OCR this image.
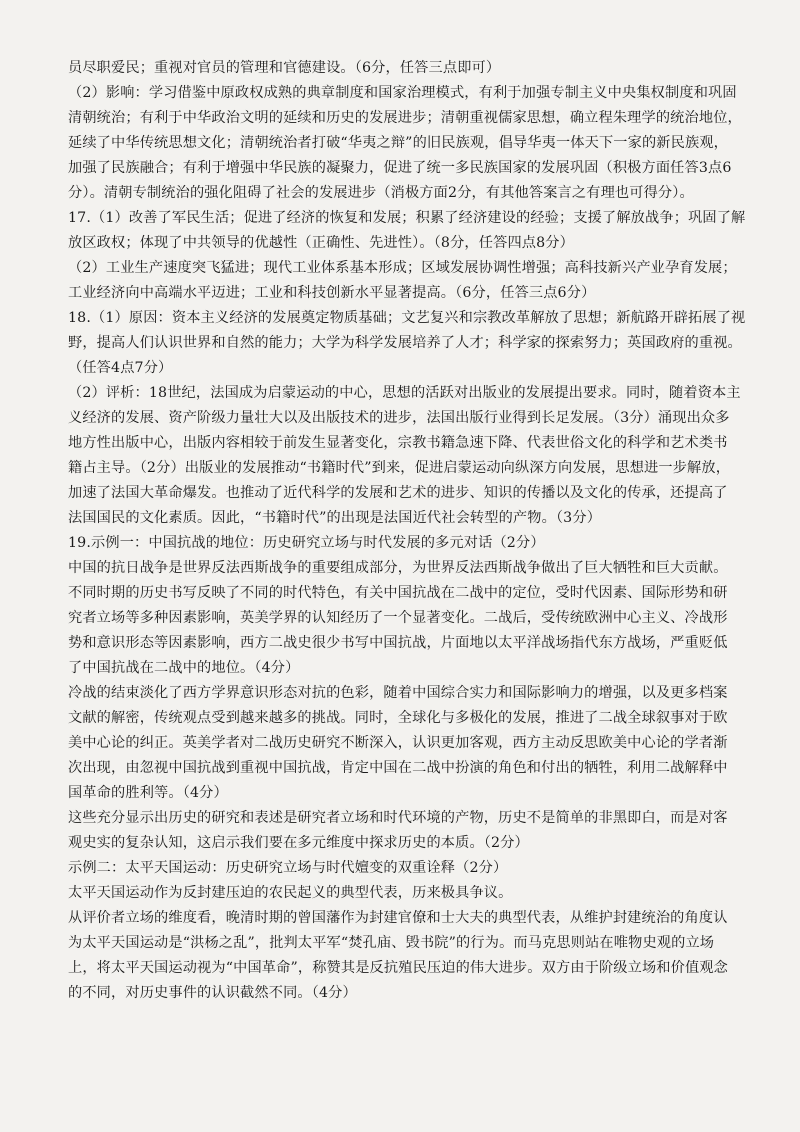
员尽职爱民；重视对官员的管理和官德建设。（6分，任答三点即可）
（2）影响：学习借鉴中原政权成熟的典章制度和国家治理模式，有利于加强专制主义中央集权制度和巩固
清朝统治；有利于中华政治文明的延续和历史的发展进步；清朝重视儒家思想，确立程朱理学的统治地位，
延续了中华传统思想文化；清朝统治者打破“华夷之辩”的旧民族观，倡导华夷一体天下一家的新民族观，
加强了民族融合；有利于增强中华民族的凝聚力，促进了统一多民族国家的发展巩固（积极方面任答3点6
分）。清朝专制统治的强化阻碍了社会的发展进步（消极方面2分，有其他答案言之有理也可得分）。
17.（1）改善了军民生活；促进了经济的恢复和发展；积累了经济建设的经验；支援了解放战争；巩固了解
放区政权；体现了中共领导的优越性（正确性、先进性）。（8分，任答四点8分）
（2）工业生产速度突飞猛进；现代工业体系基本形成；区域发展协调性增强；高科技新兴产业孕育发展；
工业经济向中高端水平迈进；工业和科技创新水平显著提高。（6分，任答三点6分）
18.（1）原因：资本主义经济的发展奠定物质基础；文艺复兴和宗教改革解放了思想；新航路开辟拓展了视
野，提高人们认识世界和自然的能力；大学为科学发展培养了人才；科学家的探索努力；英国政府的重视。
（任答4点7分）
（2）评析：18世纪，法国成为启蒙运动的中心，思想的活跃对出版业的发展提出要求。同时，随着资本主
义经济的发展、资产阶级力量壮大以及出版技术的进步，法国出版行业得到长足发展。（3分）涌现出众多
地方性出版中心，出版内容相较于前发生显著变化，宗教书籍急速下降、代表世俗文化的科学和艺术类书
籍占主导。（2分）出版业的发展推动“书籍时代”到来，促进启蒙运动向纵深方向发展，思想进一步解放，
加速了法国大革命爆发。也推动了近代科学的发展和艺术的进步、知识的传播以及文化的传承，还提高了
法国国民的文化素质。因此，“书籍时代”的出现是法国近代社会转型的产物。（3分）
19.示例一：中国抗战的地位：历史研究立场与时代发展的多元对话（2分）
中国的抗日战争是世界反法西斯战争的重要组成部分，为世界反法西斯战争做出了巨大牺牲和巨大贡献。
不同时期的历史书写反映了不同的时代特色，有关中国抗战在二战中的定位，受时代因素、国际形势和研
究者立场等多种因素影响，英美学界的认知经历了一个显著变化。二战后，受传统欧洲中心主义、冷战形
势和意识形态等因素影响，西方二战史很少书写中国抗战，片面地以太平洋战场指代东方战场，严重贬低
了中国抗战在二战中的地位。（4分）
冷战的结束淡化了西方学界意识形态对抗的色彩，随着中国综合实力和国际影响力的增强，以及更多档案
文献的解密，传统观点受到越来越多的挑战。同时，全球化与多极化的发展，推进了二战全球叙事对于欧
美中心论的纠正。英美学者对二战历史研究不断深入，认识更加客观，西方主动反思欧美中心论的学者渐
次出现，由忽视中国抗战到重视中国抗战，肯定中国在二战中扮演的角色和付出的牺牲，利用二战解释中
国革命的胜利等。（4分）
这些充分显示出历史的研究和表述是研究者立场和时代环境的产物，历史不是简单的非黑即白，而是对客
观史实的复杂认知，这启示我们要在多元维度中探求历史的本质。（2分）
示例二：太平天国运动：历史研究立场与时代嬗变的双重诠释（2分）
太平天国运动作为反封建压迫的农民起义的典型代表，历来极具争议。
从评价者立场的维度看，晚清时期的曾国藩作为封建官僚和士大夫的典型代表，从维护封建统治的角度认
为太平天国运动是“洪杨之乱”，批判太平军“焚孔庙、毁书院”的行为。而马克思则站在唯物史观的立场
上，将太平天国运动视为“中国革命”，称赞其是反抗殖民压迫的伟大进步。双方由于阶级立场和价值观念
的不同，对历史事件的认识截然不同。（4分）
